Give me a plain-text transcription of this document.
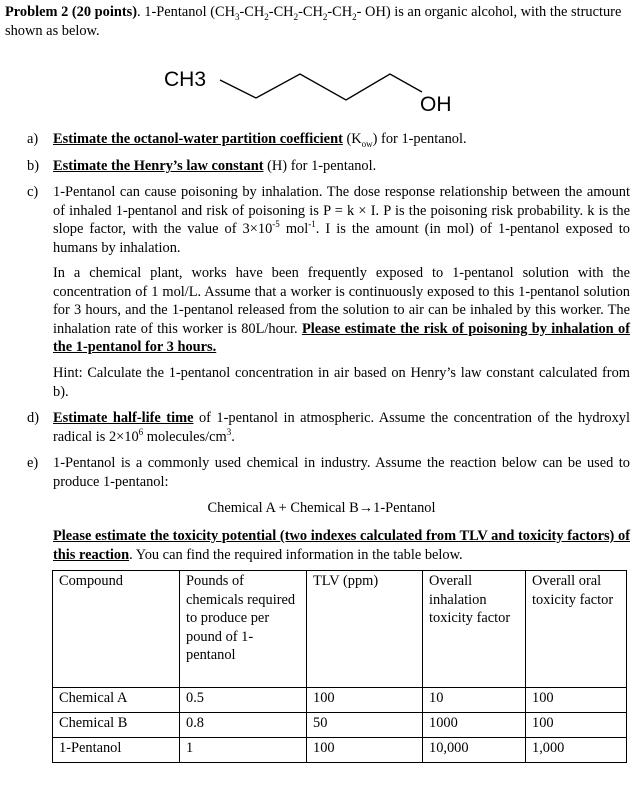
Problem 2 (20 points). 1-Pentanol ($CH_3-CH_2-CH_2-CH_2-CH_2-$ OH) is an organic alcohol, with the structure shown as below.
CH3
OH
a)	Estimate the octanol-water partition coefficient $(K_{ow})$ for 1-pentanol.
b) Estimate the Henry’s law constant (H) for 1-pentanol.
c)	1-Pentanol can cause poisoning by inhalation. The dose response relationship between the amount of inhaled 1-pentanol and risk of poisoning is P = k × I. P is the poisoning risk probability. k is the slope factor, with the value of $3\times 10^{-5}$ mol$^{-1}$. I is the amount (in mol) of 1-pentanol exposed to humans by inhalation.
In a chemical plant, works have been frequently exposed to 1-pentanol solution with the concentration of 1 mol/L. Assume that a worker is continuously exposed to this 1-pentanol solution for 3 hours, and the 1-pentanol released from the solution to air can be inhaled by this worker. The inhalation rate of this worker is 80L/hour. Please estimate the risk of poisoning by inhalation of the 1-pentanol for 3 hours.
Hint: Calculate the 1-pentanol concentration in air based on Henry’s law constant calculated from b).
d) Estimate half-life time of 1-pentanol in atmospheric. Assume the concentration of the hydroxyl radical is $2\times 10^6$ molecules/$cm^3$.
e)	1-Pentanol is a commonly used chemical in industry. Assume the reaction below can be used to produce 1-pentanol:
Chemical A + Chemical B→1-Pentanol
Please estimate the toxicity potential (two indexes calculated from TLV and toxicity factors) of this reaction. You can find the required information in the table below.
Compound	Pounds of chemicals required to produce per pound of 1-pentanol	TLV (ppm)	Overall inhalation toxicity factor	Overall oral toxicity factor
Chemical A	0.5	100	10	100
Chemical B	0.8	50	1000	100
1-Pentanol	1	100	10,000	1,000
